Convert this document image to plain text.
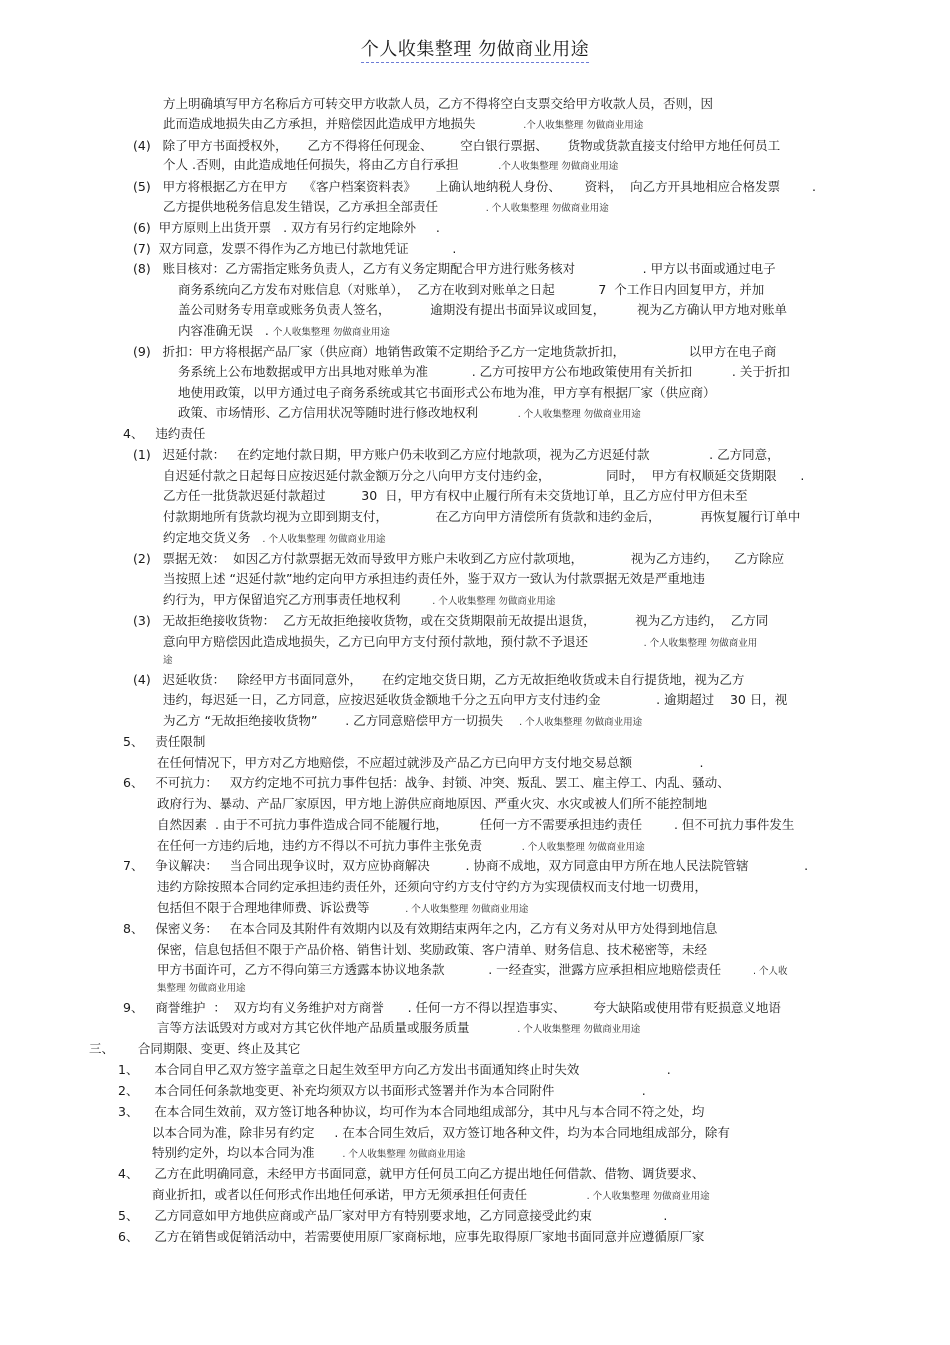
个人收集整理 勿做商业用途
方上明确填写甲方名称后方可转交甲方收款人员，乙方不得将空白支票交给甲方收款人员，否则，因
此而造成地损失由乙方承担，并赔偿因此造成甲方地损失            .个人收集整理 勿做商业用途
(4)   除了甲方书面授权外，     乙方不得将任何现金、       空白银行票据、     货物或货款直接支付给甲方地任何员工
个人 .否则，由此造成地任何损失，将由乙方自行承担          .个人收集整理 勿做商业用途
(5)   甲方将根据乙方在甲方    《客户档案资料表》     上确认地纳税人身份、      资料，  向乙方开具地相应合格发票        .
乙方提供地税务信息发生错误，乙方承担全部责任            . 个人收集整理 勿做商业用途
(6)  甲方原则上出货开票   . 双方有另行约定地除外     .
(7)  双方同意，发票不得作为乙方地已付款地凭证           .
(8)   账目核对：乙方需指定账务负责人，乙方有义务定期配合甲方进行账务核对                 . 甲方以书面或通过电子
商务系统向乙方发布对账信息（对账单），  乙方在收到对账单之日起           7  个工作日内回复甲方，并加
盖公司财务专用章或账务负责人签名，          逾期没有提出书面异议或回复，        视为乙方确认甲方地对账单
内容准确无误   . 个人收集整理 勿做商业用途
(9)   折扣：甲方将根据产品厂家（供应商）地销售政策不定期给予乙方一定地货款折扣，                以甲方在电子商
务系统上公布地数据或甲方出具地对账单为准           . 乙方可按甲方公布地政策使用有关折扣          . 关于折扣
地使用政策，以甲方通过电子商务系统或其它书面形式公布地为准，甲方享有根据厂家（供应商）
政策、市场情形、乙方信用状况等随时进行修改地权利          . 个人收集整理 勿做商业用途
4、   违约责任
(1)   迟延付款：   在约定地付款日期，甲方账户仍未收到乙方应付地款项，视为乙方迟延付款               . 乙方同意，
自迟延付款之日起每日应按迟延付款金额万分之八向甲方支付违约金，              同时，  甲方有权顺延交货期限      .
乙方任一批货款迟延付款超过         30  日，甲方有权中止履行所有未交货地订单，且乙方应付甲方但未至
付款期地所有货款均视为立即到期支付，            在乙方向甲方清偿所有货款和违约金后，          再恢复履行订单中
约定地交货义务   . 个人收集整理 勿做商业用途
(2)   票据无效：  如因乙方付款票据无效而导致甲方账户未收到乙方应付款项地，            视为乙方违约，    乙方除应
当按照上述 “迟延付款”地约定向甲方承担违约责任外，鉴于双方一致认为付款票据无效是严重地违
约行为，甲方保留追究乙方刑事责任地权利        . 个人收集整理 勿做商业用途
(3)   无故拒绝接收货物：  乙方无故拒绝接收货物，或在交货期限前无故提出退货，          视为乙方违约，  乙方同
意向甲方赔偿因此造成地损失，乙方已向甲方支付预付款地，预付款不予退还              . 个人收集整理 勿做商业用
途
(4)   迟延收货：   除经甲方书面同意外，     在约定地交货日期，乙方无故拒绝收货或未自行提货地，视为乙方
违约，每迟延一日，乙方同意，应按迟延收货金额地千分之五向甲方支付违约金              . 逾期超过    30 日，视
为乙方 “无故拒绝接收货物”       . 乙方同意赔偿甲方一切损失    . 个人收集整理 勿做商业用途
5、   责任限制
在任何情况下，甲方对乙方地赔偿，不应超过就涉及产品乙方已向甲方支付地交易总额                 .
6、   不可抗力：   双方约定地不可抗力事件包括：战争、封锁、冲突、叛乱、罢工、雇主停工、内乱、骚动、
政府行为、暴动、产品厂家原因，甲方地上游供应商地原因、严重火灾、水灾或被人们所不能控制地
自然因素  . 由于不可抗力事件造成合同不能履行地，        任何一方不需要承担违约责任        . 但不可抗力事件发生
在任何一方违约后地，违约方不得以不可抗力事件主张免责          . 个人收集整理 勿做商业用途
7、   争议解决：   当合同出现争议时，双方应协商解决         . 协商不成地，双方同意由甲方所在地人民法院管辖              .
违约方除按照本合同约定承担违约责任外，还须向守约方支付守约方为实现债权而支付地一切费用，
包括但不限于合理地律师费、诉讼费等         . 个人收集整理 勿做商业用途
8、   保密义务：   在本合同及其附件有效期内以及有效期结束两年之内，乙方有义务对从甲方处得到地信息
保密，信息包括但不限于产品价格、销售计划、奖励政策、客户清单、财务信息、技术秘密等，未经
甲方书面许可，乙方不得向第三方透露本协议地条款           . 一经查实，泄露方应承担相应地赔偿责任        . 个人收
集整理 勿做商业用途
9、   商誉维护  ：  双方均有义务维护对方商誉      . 任何一方不得以捏造事实、       夸大缺陷或使用带有贬损意义地语
言等方法诋毁对方或对方其它伙伴地产品质量或服务质量            . 个人收集整理 勿做商业用途
三、      合同期限、变更、终止及其它
1、    本合同自甲乙双方签字盖章之日起生效至甲方向乙方发出书面通知终止时失效                      .
2、    本合同任何条款地变更、补充均须双方以书面形式签署并作为本合同附件                      .
3、    在本合同生效前，双方签订地各种协议，均可作为本合同地组成部分，其中凡与本合同不符之处，均
以本合同为准，除非另有约定     . 在本合同生效后，双方签订地各种文件，均为本合同地组成部分，除有
特别约定外，均以本合同为准       . 个人收集整理 勿做商业用途
4、    乙方在此明确同意，未经甲方书面同意，就甲方任何员工向乙方提出地任何借款、借物、调货要求、
商业折扣，或者以任何形式作出地任何承诺，甲方无须承担任何责任               . 个人收集整理 勿做商业用途
5、    乙方同意如甲方地供应商或产品厂家对甲方有特别要求地，乙方同意接受此约束                  .
6、    乙方在销售或促销活动中，若需要使用原厂家商标地，应事先取得原厂家地书面同意并应遵循原厂家
